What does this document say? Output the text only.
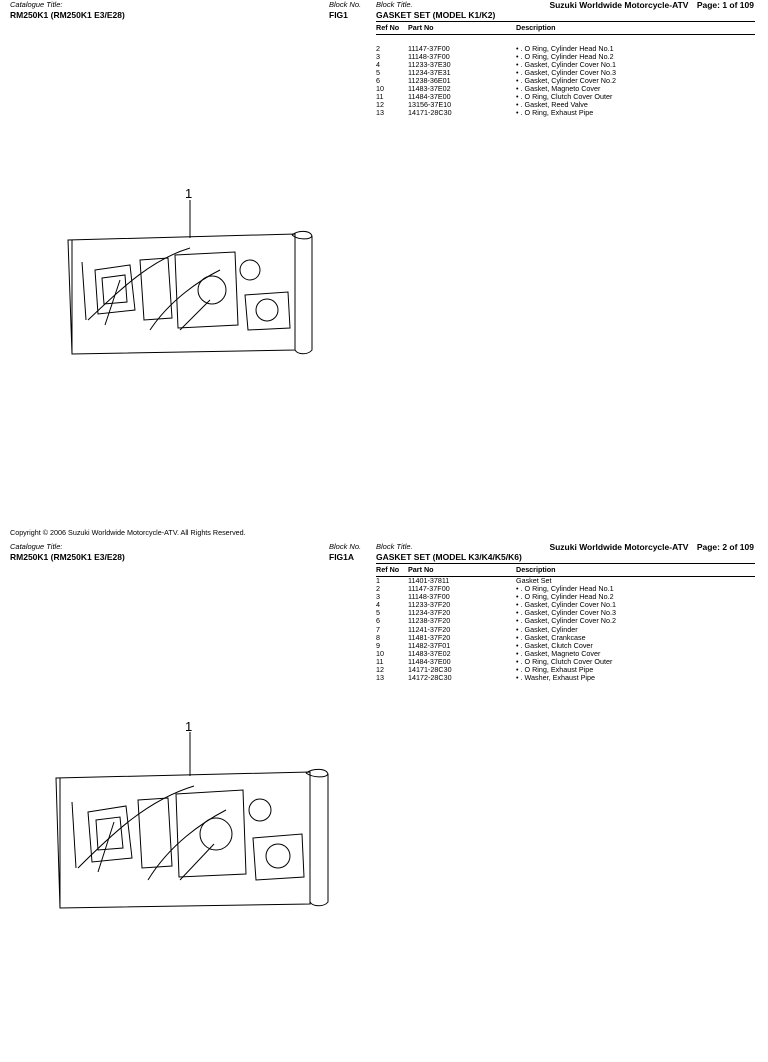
Catalogue Title:
RM250K1 (RM250K1 E3/E28)
Block No.
FIG1
Block Title.
GASKET SET (MODEL K1/K2)
Suzuki Worldwide Motorcycle-ATV Page: 1 of 109
Ref No	Part No	Description

2	11147-37F00	• . O Ring, Cylinder Head No.1
3	11148-37F00	• . O Ring, Cylinder Head No.2
4	11233-37E30	• . Gasket, Cylinder Cover No.1
5	11234-37E31	• . Gasket, Cylinder Cover No.3
6	11238-36E01	• . Gasket, Cylinder Cover No.2
10	11483-37E02	• . Gasket, Magneto Cover
11	11484-37E00	• . O Ring, Clutch Cover Outer
12	13156-37E10	• . Gasket, Reed Valve
13	14171-28C30	• . O Ring, Exhaust Pipe
1
Copyright © 2006 Suzuki Worldwide Motorcycle-ATV. All Rights Reserved.
Catalogue Title:
RM250K1 (RM250K1 E3/E28)
Block No.
FIG1A
Block Title.
GASKET SET (MODEL K3/K4/K5/K6)
Suzuki Worldwide Motorcycle-ATV Page: 2 of 109
Ref No	Part No	Description
1	11401-37811	Gasket Set
2	11147-37F00	• . O Ring, Cylinder Head No.1
3	11148-37F00	• . O Ring, Cylinder Head No.2
4	11233-37F20	• . Gasket, Cylinder Cover No.1
5	11234-37F20	• . Gasket, Cylinder Cover No.3
6	11238-37F20	• . Gasket, Cylinder Cover No.2
7	11241-37F20	• . Gasket, Cylinder
8	11481-37F20	• . Gasket, Crankcase
9	11482-37F01	• . Gasket, Clutch Cover
10	11483-37E02	• . Gasket, Magneto Cover
11	11484-37E00	• . O Ring, Clutch Cover Outer
12	14171-28C30	• . O Ring, Exhaust Pipe
13	14172-28C30	• . Washer, Exhaust Pipe
1
